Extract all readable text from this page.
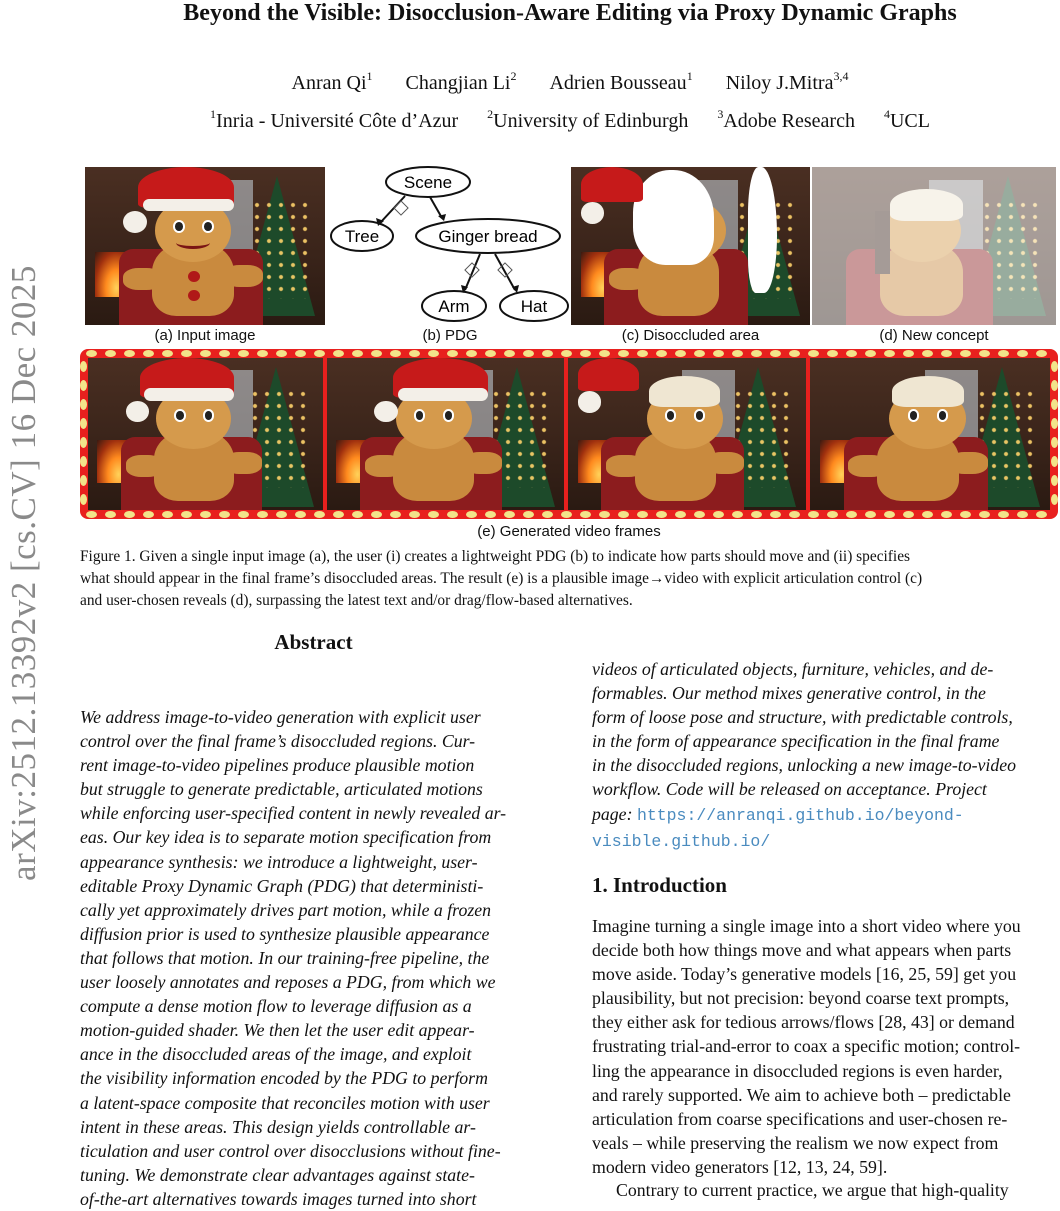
arXiv:2512.13392v2 [cs.CV] 16 Dec 2025
Beyond the Visible: Disocclusion-Aware Editing via Proxy Dynamic Graphs
Anran Qi$^1$ Changjian Li$^2$ Adrien Bousseau$^1$ Niloy J.Mitra$^{3,4}$
$^1$Inria - Université Côte d’Azur $^2$University of Edinburgh $^3$Adobe Research $^4$UCL
(a) Input image
Scene
Tree	Ginger bread
Arm	Hat
(b) PDG	(c) Disoccluded area	(d) New concept
(e) Generated video frames
Figure 1. Given a single input image (a), the user (i) creates a lightweight PDG (b) to indicate how parts should move and (ii) specifies
what should appear in the final frame’s disoccluded areas. The result (e) is a plausible image→video with explicit articulation control (c)
and user-chosen reveals (d), surpassing the latest text and/or drag/flow-based alternatives.
Abstract
We address image-to-video generation with explicit user
control over the final frame’s disoccluded regions. Cur-
rent image-to-video pipelines produce plausible motion
but struggle to generate predictable, articulated motions
while enforcing user-specified content in newly revealed ar-
eas. Our key idea is to separate motion specification from
appearance synthesis: we introduce a lightweight, user-
editable Proxy Dynamic Graph (PDG) that deterministi-
cally yet approximately drives part motion, while a frozen
diffusion prior is used to synthesize plausible appearance
that follows that motion. In our training-free pipeline, the
user loosely annotates and reposes a PDG, from which we
compute a dense motion flow to leverage diffusion as a
motion-guided shader. We then let the user edit appear-
ance in the disoccluded areas of the image, and exploit
the visibility information encoded by the PDG to perform
a latent-space composite that reconciles motion with user
intent in these areas. This design yields controllable ar-
ticulation and user control over disocclusions without fine-
tuning. We demonstrate clear advantages against state-
of-the-art alternatives towards images turned into short
videos of articulated objects, furniture, vehicles, and de-
formables. Our method mixes generative control, in the
form of loose pose and structure, with predictable controls,
in the form of appearance specification in the final frame
in the disoccluded regions, unlocking a new image-to-video
workflow. Code will be released on acceptance. Project
page: https://anranqi.github.io/beyond-
visible.github.io/
1. Introduction
Imagine turning a single image into a short video where you
decide both how things move and what appears when parts
move aside. Today’s generative models [16, 25, 59] get you
plausibility, but not precision: beyond coarse text prompts,
they either ask for tedious arrows/flows [28, 43] or demand
frustrating trial-and-error to coax a specific motion; control-
ling the appearance in disoccluded regions is even harder,
and rarely supported. We aim to achieve both – predictable
articulation from coarse specifications and user-chosen re-
veals – while preserving the realism we now expect from
modern video generators [12, 13, 24, 59].
Contrary to current practice, we argue that high-quality
